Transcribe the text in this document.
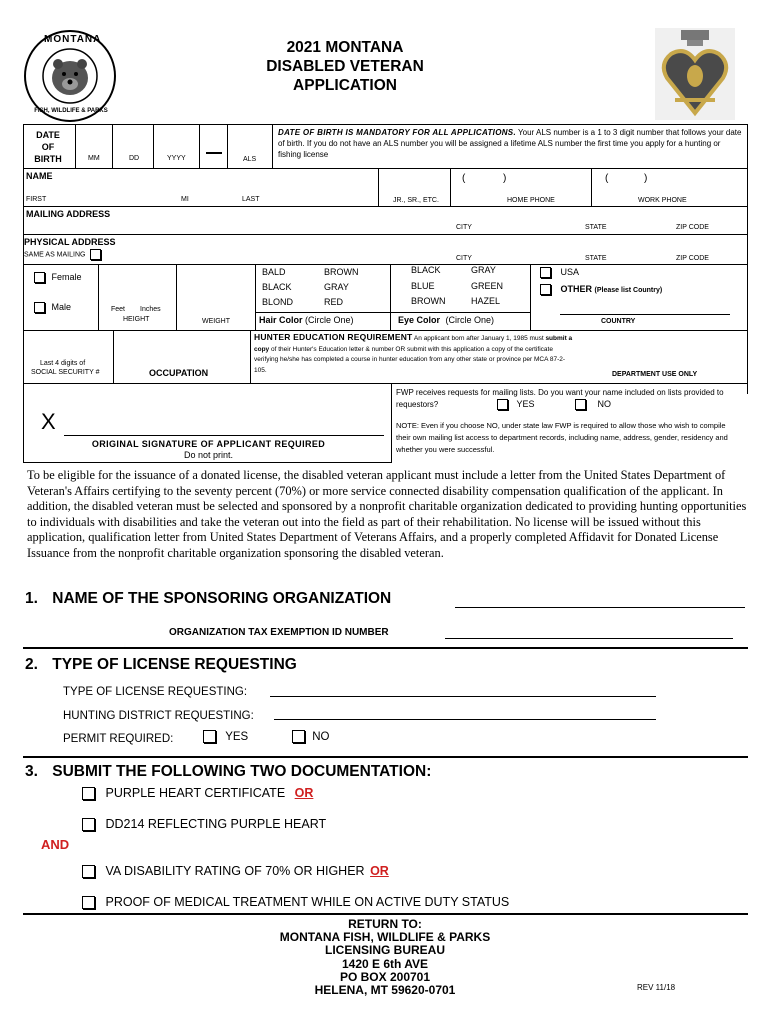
MONTANA
FISH, WILDLIFE & PARKS
2021 MONTANA
DISABLED VETERAN
APPLICATION
DATE
OF
BIRTH	MM	DD	YYYY	ALS
DATE OF BIRTH IS MANDATORY FOR ALL APPLICATIONS. Your ALS number is a 1 to 3 digit number that follows your date of birth. If you do not have an ALS number you will be assigned a lifetime ALS number the first time you apply for a hunting or fishing license
NAME
FIRST	MI	LAST	JR., SR., ETC.
(	)
HOME PHONE
(	)
WORK PHONE
MAILING ADDRESS
CITY	STATE	ZIP CODE
PHYSICAL ADDRESS
SAME AS MAILING
CITY	STATE	ZIP CODE
Female
Male	Feet Inches
HEIGHT	WEIGHT
BALD	BROWN
BLACK	GRAY
BLOND	RED
Hair Color (Circle One)
BLACK	GRAY
BLUE	GREEN
BROWN	HAZEL
Eye Color (Circle One)
USA
OTHER (Please list Country)
COUNTRY
Last 4 digits of
SOCIAL SECURITY #	OCCUPATION
HUNTER EDUCATION REQUIREMENT An applicant born after January 1, 1985 must submit a copy of their Hunter's Education letter & number OR submit with this application a copy of the certificate verifying he/she has completed a course in hunter education from any other state or province per MCA 87-2-105.
DEPARTMENT USE ONLY
X
ORIGINAL SIGNATURE OF APPLICANT REQUIRED
Do not print.
FWP receives requests for mailing lists. Do you want your name included on lists provided to requestors?	YES	NO
NOTE: Even if you choose NO, under state law FWP is required to allow those who wish to compile their own mailing list access to department records, including name, address, gender, residency and whether you were successful.
To be eligible for the issuance of a donated license, the disabled veteran applicant must include a letter from the United States Department of Veteran's Affairs certifying to the seventy percent (70%) or more service connected disability compensation qualification of the applicant. In addition, the disabled veteran must be selected and sponsored by a nonprofit charitable organization dedicated to providing hunting opportunities to individuals with disabilities and take the veteran out into the field as part of their rehabilitation. No license will be issued without this application, qualification letter from United States Department of Veterans Affairs, and a properly completed Affidavit for Donated License Issuance from the nonprofit charitable organization sponsoring the disabled veteran.
1. NAME OF THE SPONSORING ORGANIZATION
ORGANIZATION TAX EXEMPTION ID NUMBER
2. TYPE OF LICENSE REQUESTING
TYPE OF LICENSE REQUESTING:
HUNTING DISTRICT REQUESTING:
PERMIT REQUIRED:	YES	NO
3. SUBMIT THE FOLLOWING TWO DOCUMENTATION:
PURPLE HEART CERTIFICATE OR
DD214 REFLECTING PURPLE HEART
AND
VA DISABILITY RATING OF 70% OR HIGHER OR
PROOF OF MEDICAL TREATMENT WHILE ON ACTIVE DUTY STATUS
RETURN TO:
MONTANA FISH, WILDLIFE & PARKS
LICENSING BUREAU
1420 E 6th AVE
PO BOX 200701
HELENA, MT 59620-0701	REV 11/18
